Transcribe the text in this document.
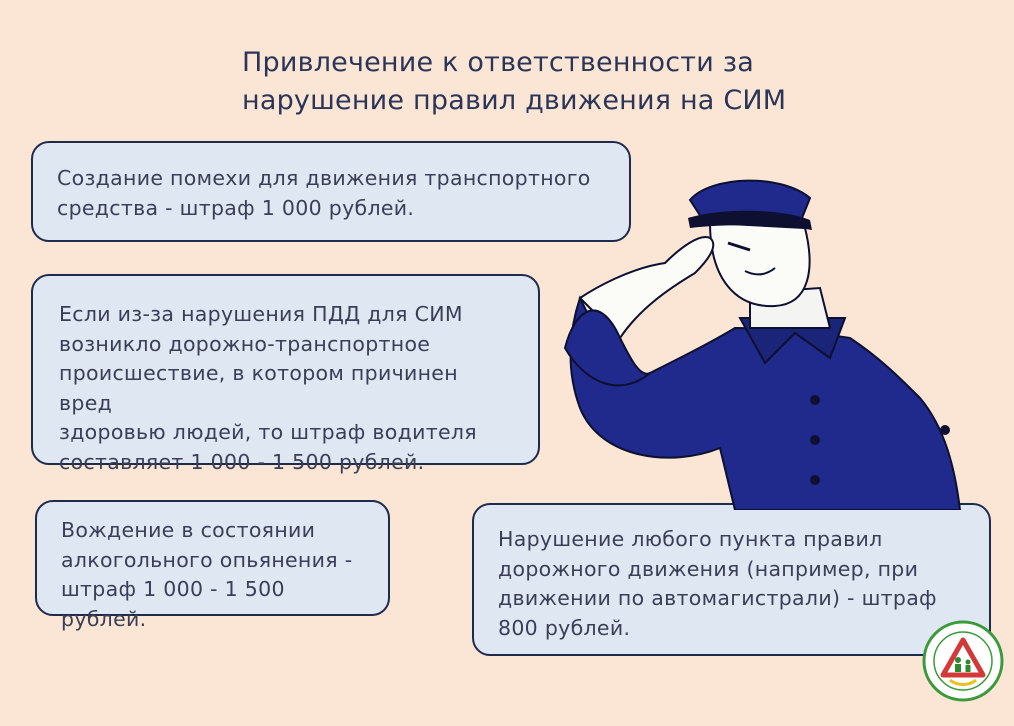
Привлечение к ответственности за
нарушение правил движения на СИМ
Создание помехи для движения транспортного
средства - штраф 1 000 рублей.
Если из-за нарушения ПДД для СИМ
возникло дорожно-транспортное
происшествие, в котором причинен вред
здоровью людей, то штраф водителя
составляет 1 000 - 1 500 рублей.
Вождение в состоянии
алкогольного опьянения -
штраф 1 000 - 1 500 рублей.
Нарушение любого пункта правил
дорожного движения (например, при
движении по автомагистрали) - штраф
800 рублей.
